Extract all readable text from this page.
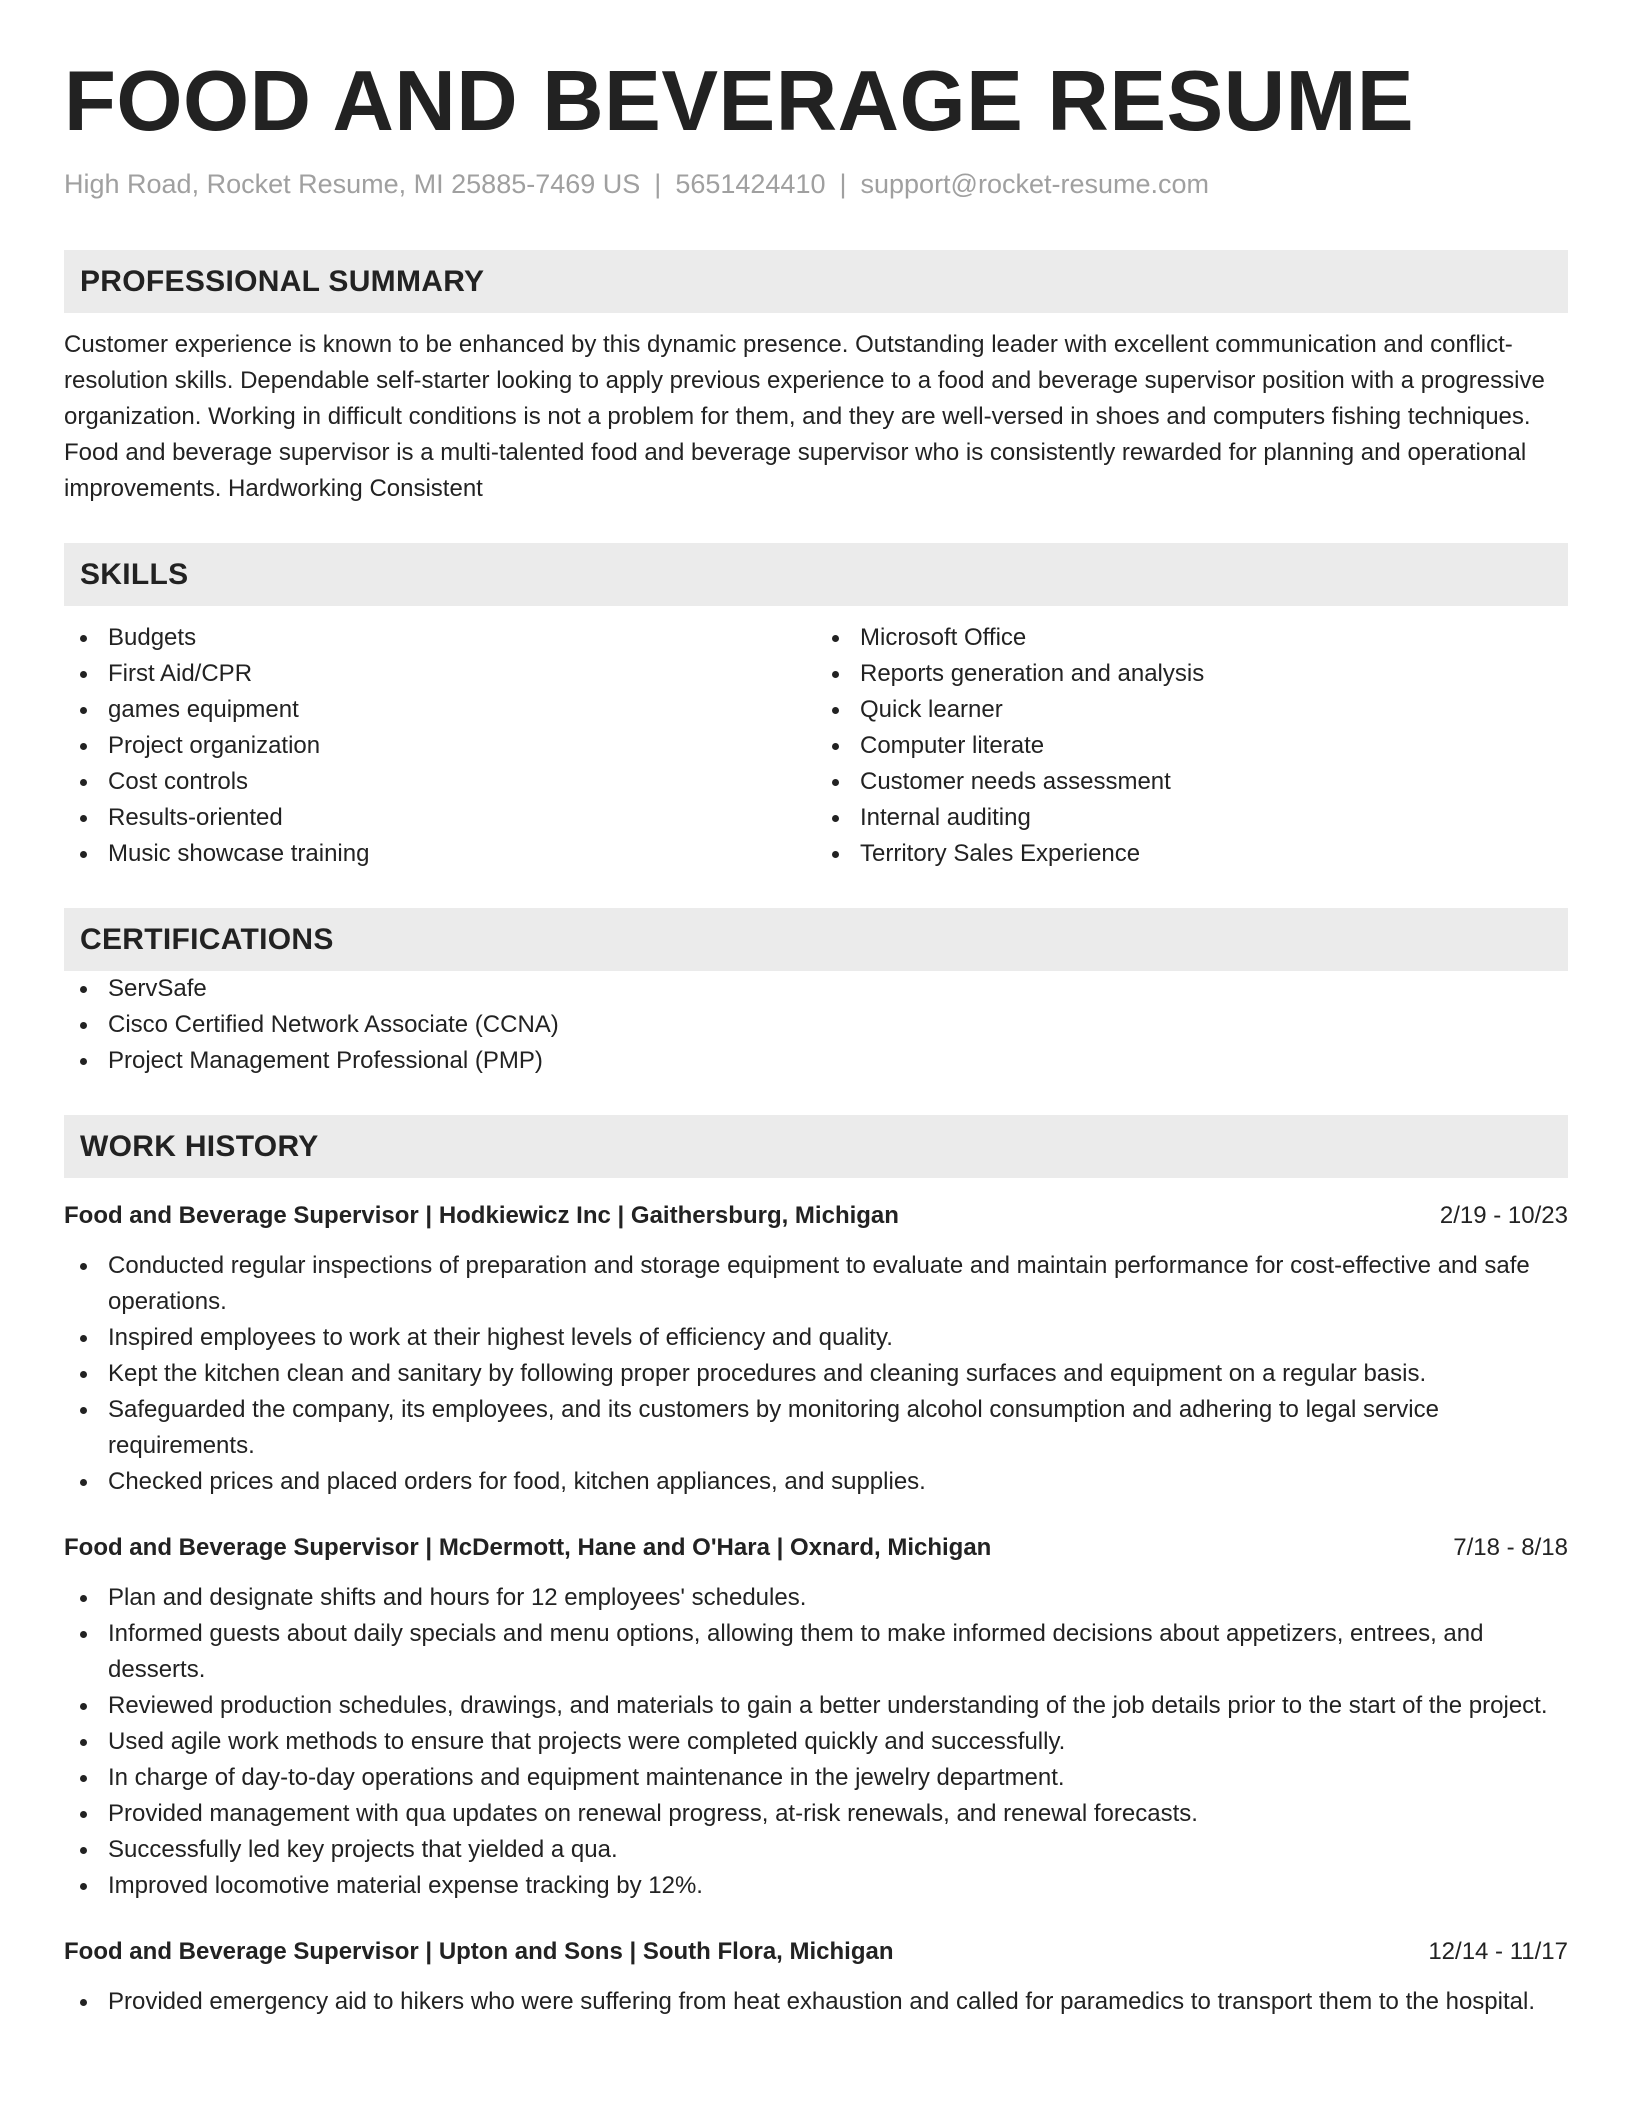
FOOD AND BEVERAGE RESUME
High Road, Rocket Resume, MI 25885-7469 US | 5651424410 | support@rocket-resume.com
PROFESSIONAL SUMMARY
Customer experience is known to be enhanced by this dynamic presence. Outstanding leader with excellent communication and conflict-resolution skills. Dependable self-starter looking to apply previous experience to a food and beverage supervisor position with a progressive organization. Working in difficult conditions is not a problem for them, and they are well-versed in shoes and computers fishing techniques. Food and beverage supervisor is a multi-talented food and beverage supervisor who is consistently rewarded for planning and operational improvements. Hardworking Consistent
SKILLS
Budgets
First Aid/CPR
games equipment
Project organization
Cost controls
Results-oriented
Music showcase training
Microsoft Office
Reports generation and analysis
Quick learner
Computer literate
Customer needs assessment
Internal auditing
Territory Sales Experience
CERTIFICATIONS
ServSafe
Cisco Certified Network Associate (CCNA)
Project Management Professional (PMP)
WORK HISTORY
Food and Beverage Supervisor | Hodkiewicz Inc | Gaithersburg, Michigan	2/19 - 10/23
Conducted regular inspections of preparation and storage equipment to evaluate and maintain performance for cost-effective and safe operations.
Inspired employees to work at their highest levels of efficiency and quality.
Kept the kitchen clean and sanitary by following proper procedures and cleaning surfaces and equipment on a regular basis.
Safeguarded the company, its employees, and its customers by monitoring alcohol consumption and adhering to legal service requirements.
Checked prices and placed orders for food, kitchen appliances, and supplies.
Food and Beverage Supervisor | McDermott, Hane and O'Hara | Oxnard, Michigan	7/18 - 8/18
Plan and designate shifts and hours for 12 employees' schedules.
Informed guests about daily specials and menu options, allowing them to make informed decisions about appetizers, entrees, and desserts.
Reviewed production schedules, drawings, and materials to gain a better understanding of the job details prior to the start of the project.
Used agile work methods to ensure that projects were completed quickly and successfully.
In charge of day-to-day operations and equipment maintenance in the jewelry department.
Provided management with qua updates on renewal progress, at-risk renewals, and renewal forecasts.
Successfully led key projects that yielded a qua.
Improved locomotive material expense tracking by 12%.
Food and Beverage Supervisor | Upton and Sons | South Flora, Michigan	12/14 - 11/17
Provided emergency aid to hikers who were suffering from heat exhaustion and called for paramedics to transport them to the hospital.
